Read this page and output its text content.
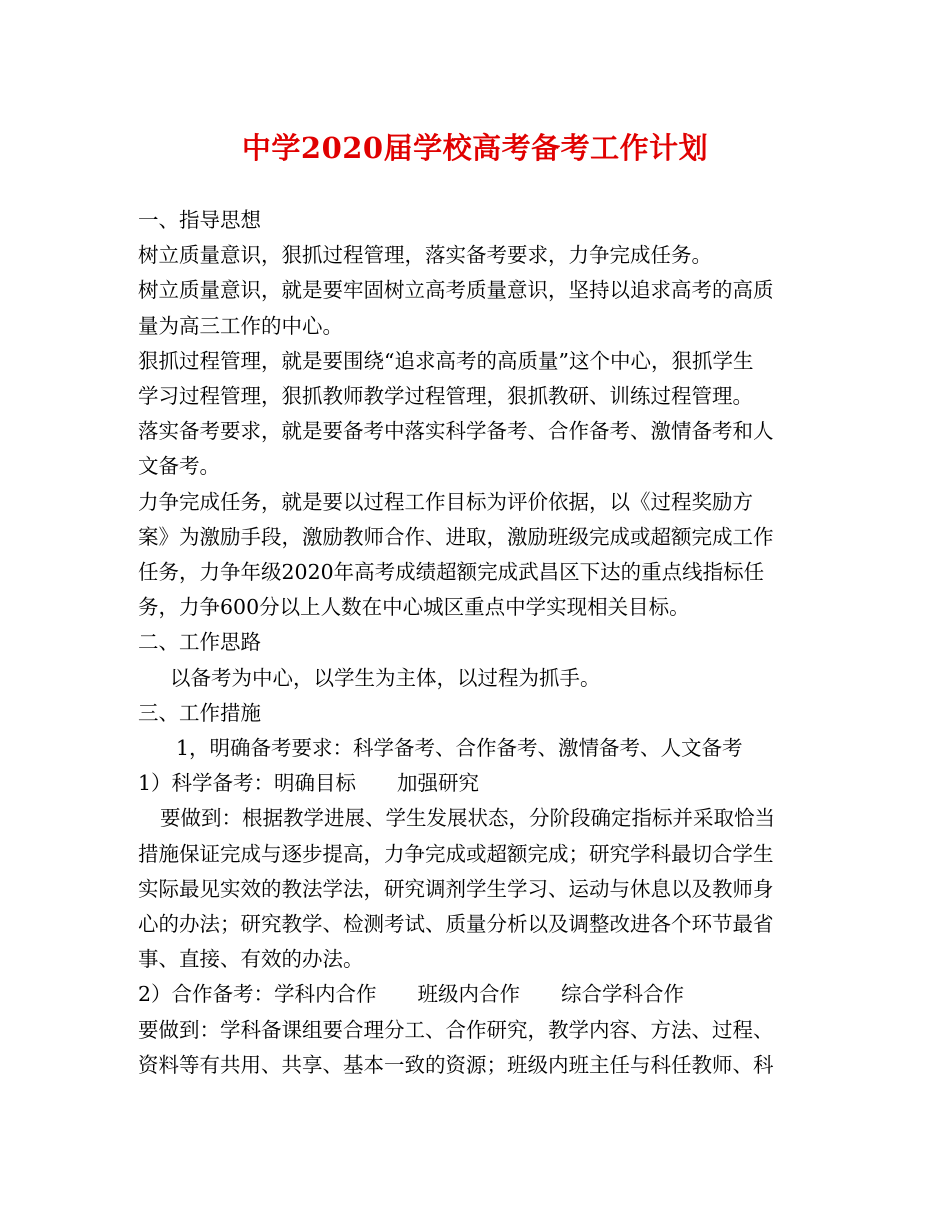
中学2020届学校高考备考工作计划

一、指导思想

树立质量意识，狠抓过程管理，落实备考要求，力争完成任务。

树立质量意识，就是要牢固树立高考质量意识，坚持以追求高考的高质

量为高三工作的中心。

狠抓过程管理，就是要围绕“追求高考的高质量”这个中心，狠抓学生

学习过程管理，狠抓教师教学过程管理，狠抓教研、训练过程管理。

落实备考要求，就是要备考中落实科学备考、合作备考、激情备考和人

文备考。

力争完成任务，就是要以过程工作目标为评价依据，以《过程奖励方

案》为激励手段，激励教师合作、进取，激励班级完成或超额完成工作

任务，力争年级2020年高考成绩超额完成武昌区下达的重点线指标任

务，力争600分以上人数在中心城区重点中学实现相关目标。

二、工作思路

以备考为中心，以学生为主体，以过程为抓手。

三、工作措施

1，明确备考要求：科学备考、合作备考、激情备考、人文备考

1）科学备考：明确目标　　加强研究

要做到：根据教学进展、学生发展状态，分阶段确定指标并采取恰当

措施保证完成与逐步提高，力争完成或超额完成；研究学科最切合学生

实际最见实效的教法学法，研究调剂学生学习、运动与休息以及教师身

心的办法；研究教学、检测考试、质量分析以及调整改进各个环节最省

事、直接、有效的办法。

2）合作备考：学科内合作　　班级内合作　　综合学科合作

要做到：学科备课组要合理分工、合作研究，教学内容、方法、过程、

资料等有共用、共享、基本一致的资源；班级内班主任与科任教师、科
